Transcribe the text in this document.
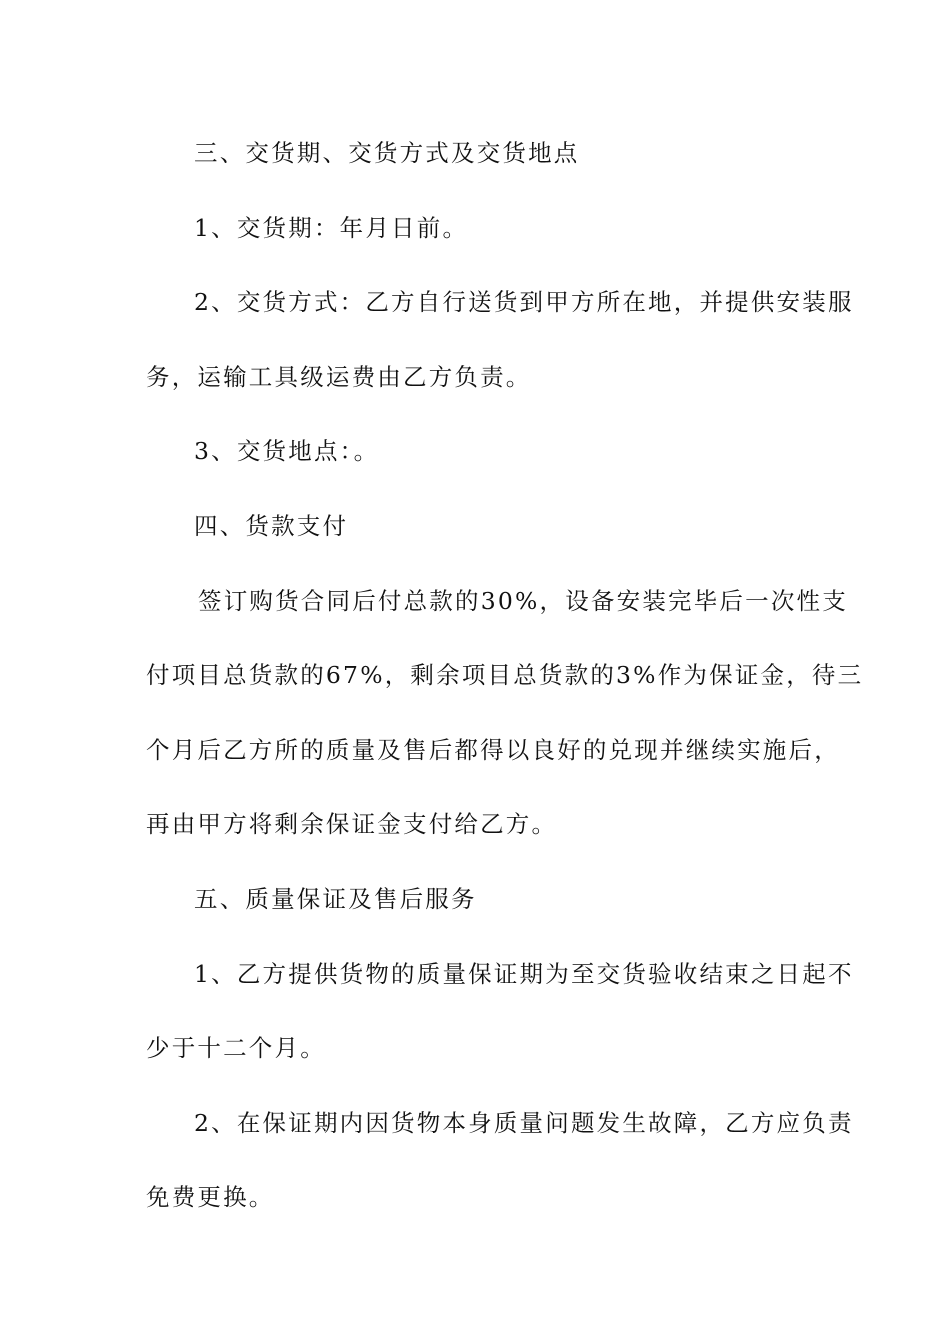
三、交货期、交货方式及交货地点
1、交货期：年月日前。
2、交货方式：乙方自行送货到甲方所在地，并提供安装服
务，运输工具级运费由乙方负责。
3、交货地点：。
四、货款支付
签订购货合同后付总款的30%，设备安装完毕后一次性支
付项目总货款的67%，剩余项目总货款的3%作为保证金，待三
个月后乙方所的质量及售后都得以良好的兑现并继续实施后，
再由甲方将剩余保证金支付给乙方。
五、质量保证及售后服务
1、乙方提供货物的质量保证期为至交货验收结束之日起不
少于十二个月。
2、在保证期内因货物本身质量问题发生故障，乙方应负责
免费更换。
